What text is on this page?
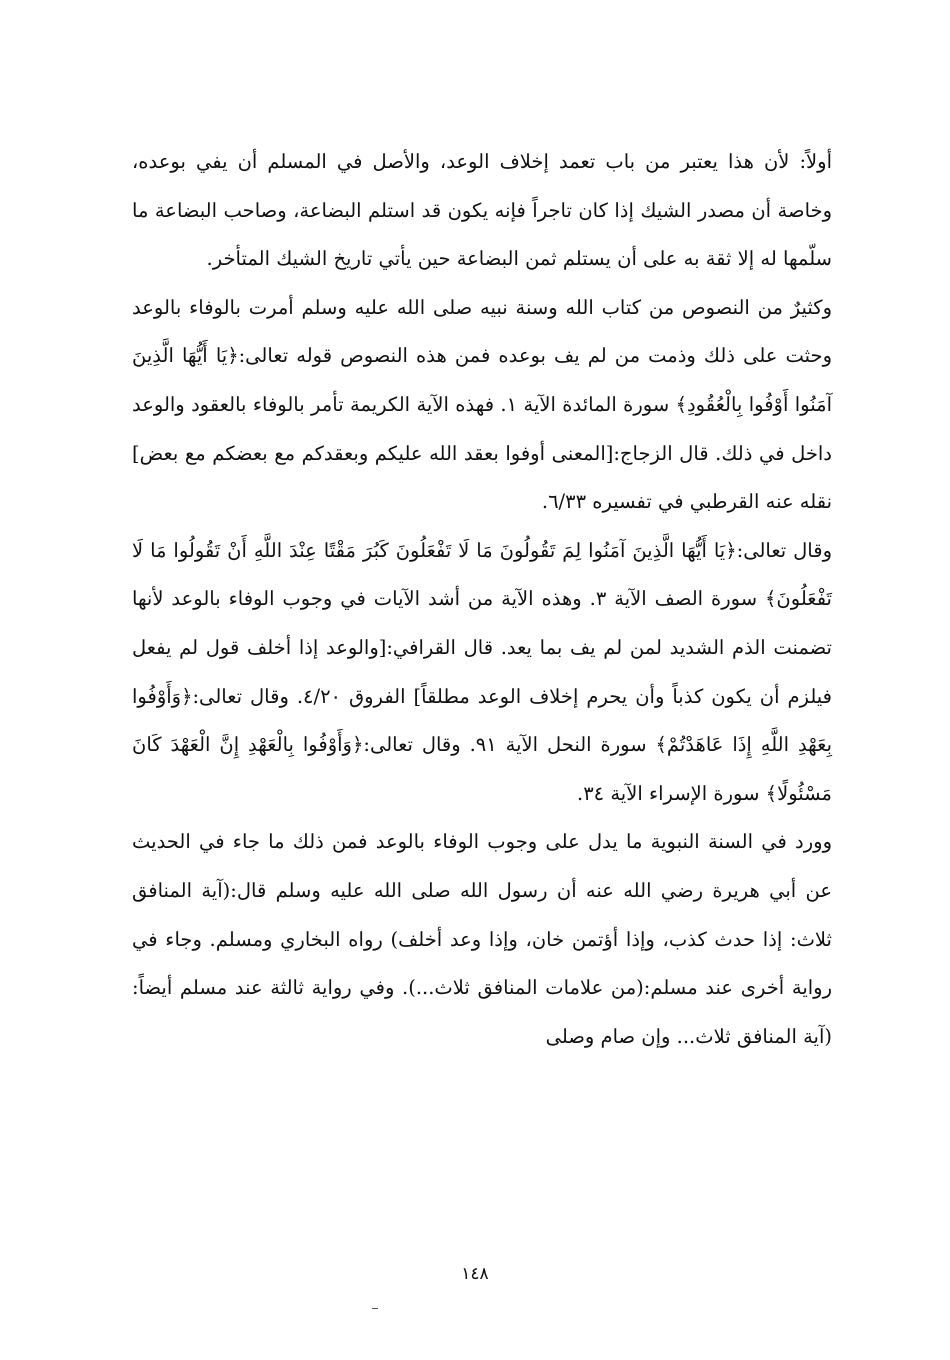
أولاً: لأن هذا يعتبر من باب تعمد إخلاف الوعد، والأصل في المسلم أن يفي بوعده، وخاصة أن مصدر الشيك إذا كان تاجراً فإنه يكون قد استلم البضاعة، وصاحب البضاعة ما سلّمها له إلا ثقة به على أن يستلم ثمن البضاعة حين يأتي تاريخ الشيك المتأخر.

وكثيرٌ من النصوص من كتاب الله وسنة نبيه صلى الله عليه وسلم أمرت بالوفاء بالوعد وحثت على ذلك وذمت من لم يف بوعده فمن هذه النصوص قوله تعالى:﴿يَا أَيُّهَا الَّذِينَ آمَنُوا أَوْفُوا بِالْعُقُودِ﴾ سورة المائدة الآية ١. فهذه الآية الكريمة تأمر بالوفاء بالعقود والوعد داخل في ذلك. قال الزجاج:[المعنى أوفوا بعقد الله عليكم وبعقدكم مع بعضكم مع بعض] نقله عنه القرطبي في تفسيره ٦/٣٣.

وقال تعالى:﴿يَا أَيُّهَا الَّذِينَ آمَنُوا لِمَ تَقُولُونَ مَا لَا تَفْعَلُونَ كَبُرَ مَقْتًا عِنْدَ اللَّهِ أَنْ تَقُولُوا مَا لَا تَفْعَلُونَ﴾ سورة الصف الآية ٣. وهذه الآية من أشد الآيات في وجوب الوفاء بالوعد لأنها تضمنت الذم الشديد لمن لم يف بما يعد. قال القرافي:[والوعد إذا أخلف قول لم يفعل فيلزم أن يكون كذباً وأن يحرم إخلاف الوعد مطلقاً] الفروق ٤/٢٠. وقال تعالى:﴿وَأَوْفُوا بِعَهْدِ اللَّهِ إِذَا عَاهَدْتُمْ﴾ سورة النحل الآية ٩١. وقال تعالى:﴿وَأَوْفُوا بِالْعَهْدِ إِنَّ الْعَهْدَ كَانَ مَسْئُولًا﴾ سورة الإسراء الآية ٣٤.

وورد في السنة النبوية ما يدل على وجوب الوفاء بالوعد فمن ذلك ما جاء في الحديث عن أبي هريرة رضي الله عنه أن رسول الله صلى الله عليه وسلم قال:(آية المنافق ثلاث: إذا حدث كذب، وإذا أؤتمن خان، وإذا وعد أخلف) رواه البخاري ومسلم. وجاء في رواية أخرى عند مسلم:(من علامات المنافق ثلاث...). وفي رواية ثالثة عند مسلم أيضاً:(آية المنافق ثلاث... وإن صام وصلى

١٤٨
